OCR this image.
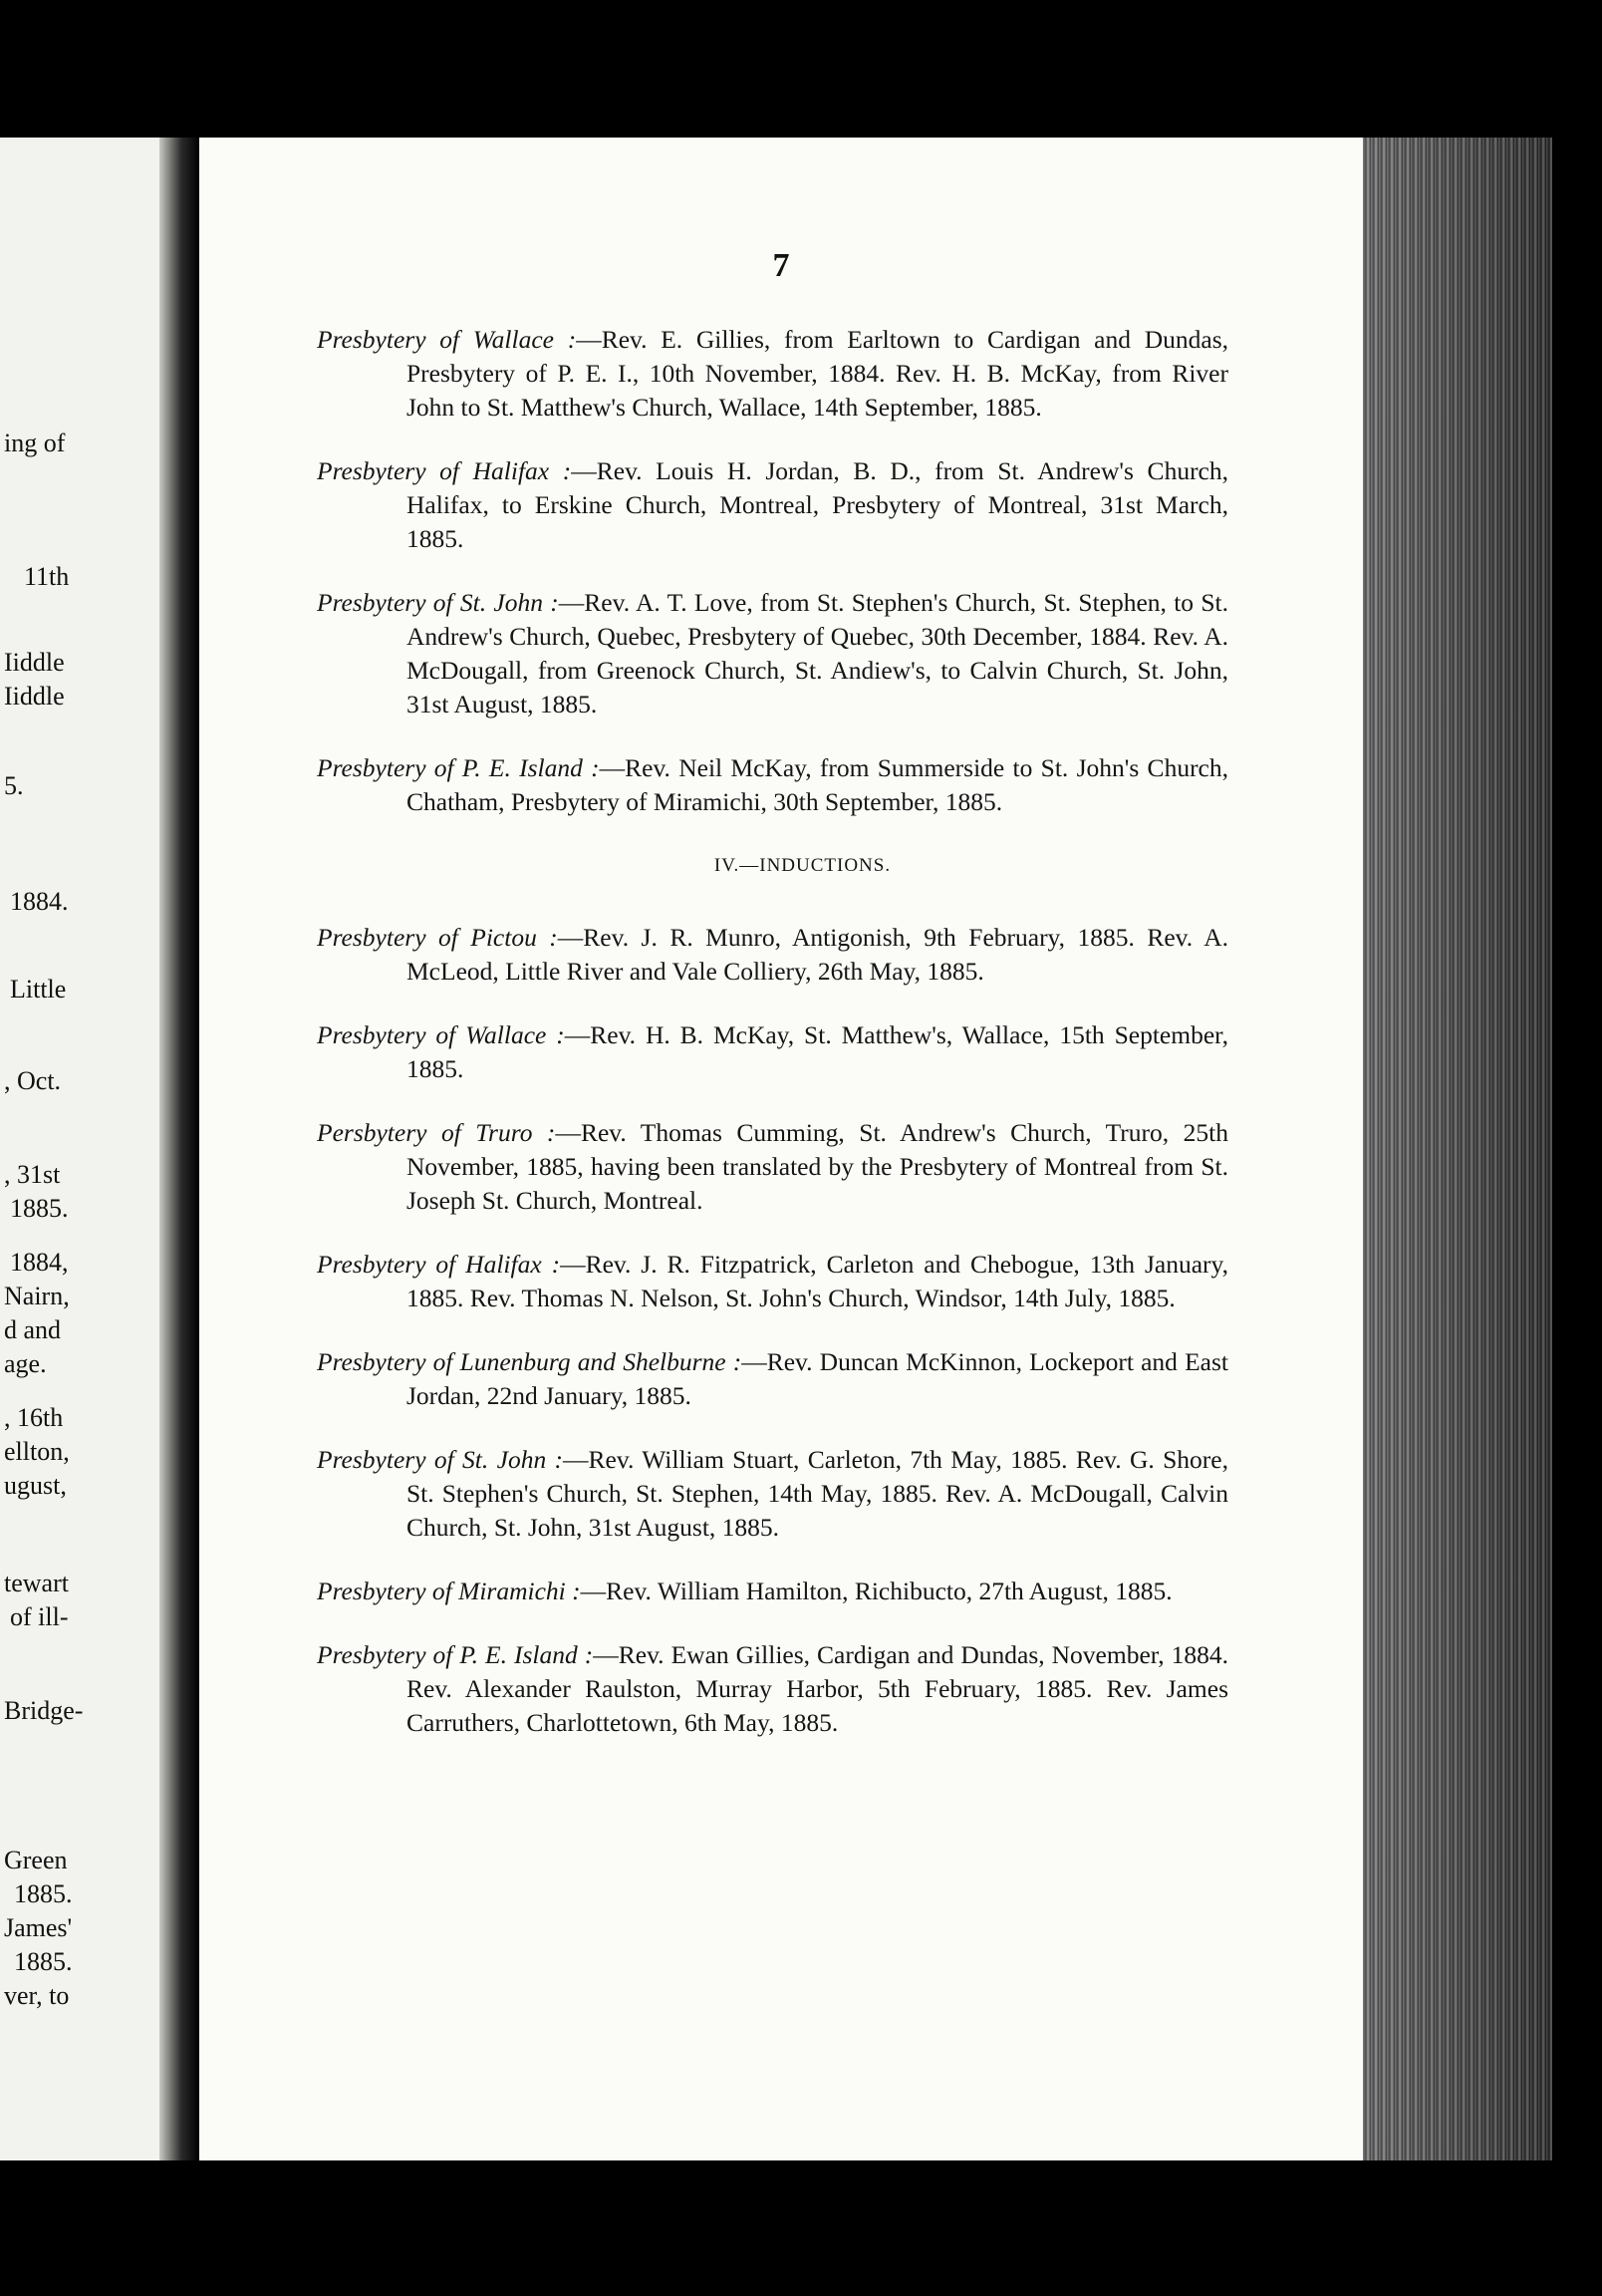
ing of
11th
Iiddle
Iiddle
5.
1884.
Little
, Oct.
, 31st
1885.
1884,
Nairn,
d and
age.
, 16th
ellton,
ugust,
tewart
of ill-
Bridge-
Green
1885.
James'
1885.
ver, to
7

Presbytery of Wallace :—Rev. E. Gillies, from Earltown to Cardigan and Dundas, Presbytery of P. E. I., 10th November, 1884. Rev. H. B. McKay, from River John to St. Matthew's Church, Wallace, 14th September, 1885.

Presbytery of Halifax :—Rev. Louis H. Jordan, B. D., from St. Andrew's Church, Halifax, to Erskine Church, Montreal, Presbytery of Montreal, 31st March, 1885.

Presbytery of St. John :—Rev. A. T. Love, from St. Stephen's Church, St. Stephen, to St. Andrew's Church, Quebec, Presbytery of Quebec, 30th December, 1884. Rev. A. McDougall, from Greenock Church, St. Andiew's, to Calvin Church, St. John, 31st August, 1885.

Presbytery of P. E. Island :—Rev. Neil McKay, from Summerside to St. John's Church, Chatham, Presbytery of Miramichi, 30th September, 1885.

IV.—INDUCTIONS.

Presbytery of Pictou :—Rev. J. R. Munro, Antigonish, 9th February, 1885. Rev. A. McLeod, Little River and Vale Colliery, 26th May, 1885.

Presbytery of Wallace :—Rev. H. B. McKay, St. Matthew's, Wallace, 15th September, 1885.

Persbytery of Truro :—Rev. Thomas Cumming, St. Andrew's Church, Truro, 25th November, 1885, having been translated by the Presbytery of Montreal from St. Joseph St. Church, Montreal.

Presbytery of Halifax :—Rev. J. R. Fitzpatrick, Carleton and Chebogue, 13th January, 1885. Rev. Thomas N. Nelson, St. John's Church, Windsor, 14th July, 1885.

Presbytery of Lunenburg and Shelburne :—Rev. Duncan McKinnon, Lockeport and East Jordan, 22nd January, 1885.

Presbytery of St. John :—Rev. William Stuart, Carleton, 7th May, 1885. Rev. G. Shore, St. Stephen's Church, St. Stephen, 14th May, 1885. Rev. A. McDougall, Calvin Church, St. John, 31st August, 1885.

Presbytery of Miramichi :—Rev. William Hamilton, Richibucto, 27th August, 1885.

Presbytery of P. E. Island :—Rev. Ewan Gillies, Cardigan and Dundas, November, 1884. Rev. Alexander Raulston, Murray Harbor, 5th February, 1885. Rev. James Carruthers, Charlottetown, 6th May, 1885.
